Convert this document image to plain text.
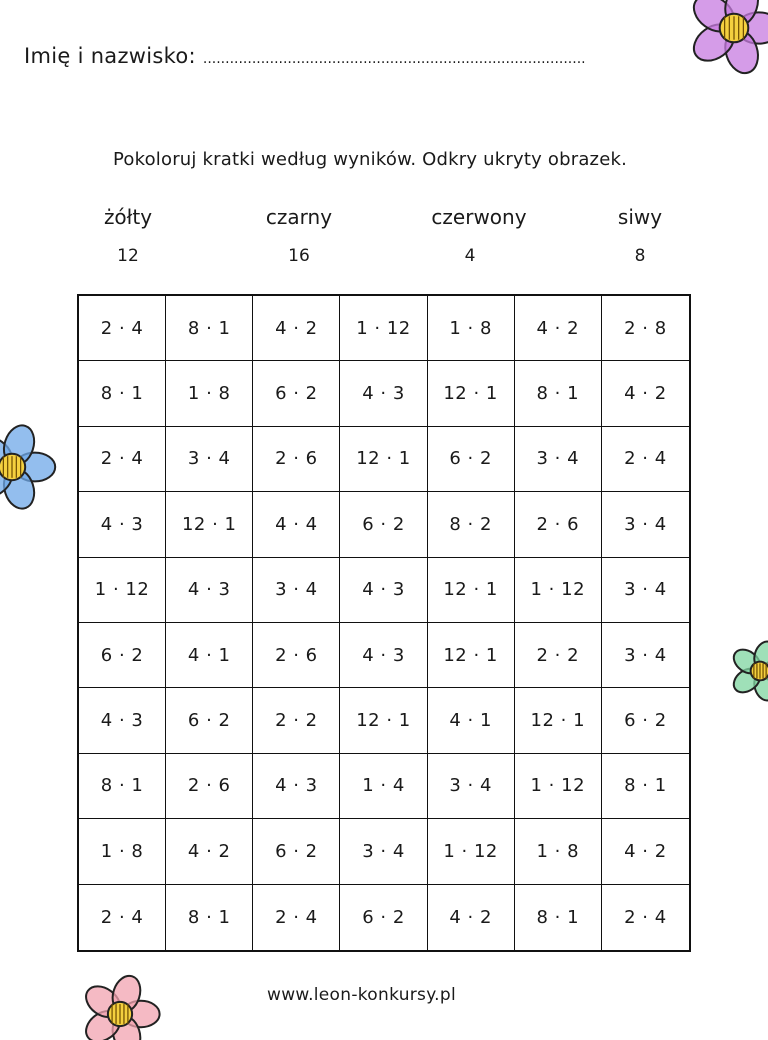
Imię i nazwisko: ......................................................................................
Pokoloruj kratki według wyników. Odkry ukryty obrazek.
żółty	czarny	czerwony	siwy
12	16	4	8
2 · 4	8 · 1	4 · 2	1 · 12	1 · 8	4 · 2	2 · 8
8 · 1	1 · 8	6 · 2	4 · 3	12 · 1	8 · 1	4 · 2
2 · 4	3 · 4	2 · 6	12 · 1	6 · 2	3 · 4	2 · 4
4 · 3	12 · 1	4 · 4	6 · 2	8 · 2	2 · 6	3 · 4
1 · 12	4 · 3	3 · 4	4 · 3	12 · 1	1 · 12	3 · 4
6 · 2	4 · 1	2 · 6	4 · 3	12 · 1	2 · 2	3 · 4
4 · 3	6 · 2	2 · 2	12 · 1	4 · 1	12 · 1	6 · 2
8 · 1	2 · 6	4 · 3	1 · 4	3 · 4	1 · 12	8 · 1
1 · 8	4 · 2	6 · 2	3 · 4	1 · 12	1 · 8	4 · 2
2 · 4	8 · 1	2 · 4	6 · 2	4 · 2	8 · 1	2 · 4
www.leon-konkursy.pl
